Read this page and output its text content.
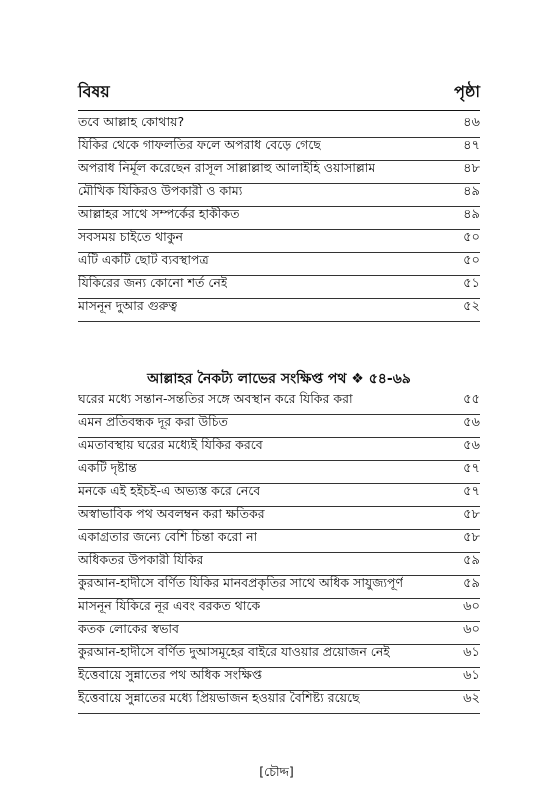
বিষয়	পৃষ্ঠা
তবে আল্লাহ কোথায়?	৪৬
যিকির থেকে গাফলতির ফলে অপরাধ বেড়ে গেছে	৪৭
অপরাধ নির্মূল করেছেন রাসূল সাল্লাল্লাহু আলাইহি ওয়াসাল্লাম	৪৮
মৌখিক যিকিরও উপকারী ও কাম্য	৪৯
আল্লাহর সাথে সম্পর্কের হাকীকত	৪৯
সবসময় চাইতে থাকুন	৫০
এটি একটি ছোট ব্যবস্থাপত্র	৫০
যিকিরের জন্য কোনো শর্ত নেই	৫১
মাসনূন দুআর গুরুত্ব	৫২
আল্লাহর নৈকট্য লাভের সংক্ষিপ্ত পথ ❖ ৫৪-৬৯
ঘরের মধ্যে সন্তান-সন্ততির সঙ্গে অবস্থান করে যিকির করা	৫৫
এমন প্রতিবন্ধক দূর করা উচিত	৫৬
এমতাবস্থায় ঘরের মধ্যেই যিকির করবে	৫৬
একটি দৃষ্টান্ত	৫৭
মনকে এই হইচই-এ অভ্যস্ত করে নেবে	৫৭
অস্বাভাবিক পথ অবলম্বন করা ক্ষতিকর	৫৮
একাগ্রতার জন্যে বেশি চিন্তা করো না	৫৮
অধিকতর উপকারী যিকির	৫৯
কুরআন-হাদীসে বর্ণিত যিকির মানবপ্রকৃতির সাথে অধিক সাযুজ্যপূর্ণ	৫৯
মাসনূন যিকিরে নূর এবং বরকত থাকে	৬০
কতক লোকের স্বভাব	৬০
কুরআন-হাদীসে বর্ণিত দুআসমূহের বাইরে যাওয়ার প্রয়োজন নেই	৬১
ইত্তেবায়ে সুন্নাতের পথ অধিক সংক্ষিপ্ত	৬১
ইত্তেবায়ে সুন্নাতের মধ্যে প্রিয়ভাজন হওয়ার বৈশিষ্ট্য রয়েছে	৬২
[চৌদ্দ]
